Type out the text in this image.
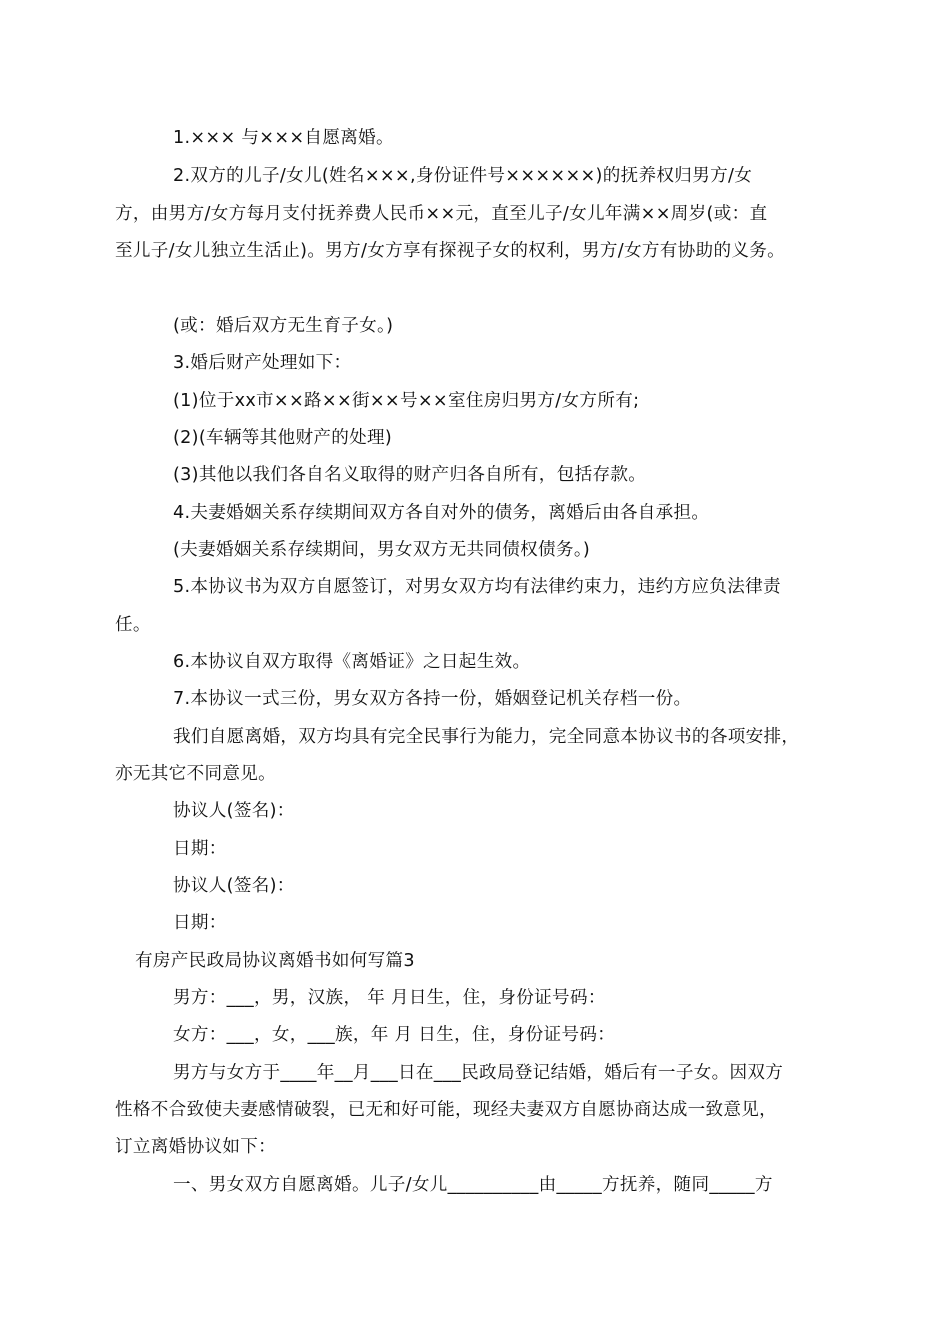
1.××× 与×××自愿离婚。
2.双方的儿子/女儿(姓名×××,身份证件号××××××)的抚养权归男方/女
方，由男方/女方每月支付抚养费人民币××元，直至儿子/女儿年满××周岁(或：直
至儿子/女儿独立生活止)。男方/女方享有探视子女的权利，男方/女方有协助的义务。
(或：婚后双方无生育子女。)
3.婚后财产处理如下：
(1)位于xx市××路××街××号××室住房归男方/女方所有;
(2)(车辆等其他财产的处理)
(3)其他以我们各自名义取得的财产归各自所有，包括存款。
4.夫妻婚姻关系存续期间双方各自对外的债务，离婚后由各自承担。
(夫妻婚姻关系存续期间，男女双方无共同债权债务。)
5.本协议书为双方自愿签订，对男女双方均有法律约束力，违约方应负法律责
任。
6.本协议自双方取得《离婚证》之日起生效。
7.本协议一式三份，男女双方各持一份，婚姻登记机关存档一份。
我们自愿离婚，双方均具有完全民事行为能力，完全同意本协议书的各项安排，
亦无其它不同意见。
协议人(签名)：
日期：
协议人(签名)：
日期：
有房产民政局协议离婚书如何写篇3
男方：___，男，汉族， 年 月日生，住，身份证号码：
女方：___，女，___族，年 月 日生，住，身份证号码：
男方与女方于____年__月___日在___民政局登记结婚，婚后有一子女。因双方
性格不合致使夫妻感情破裂，已无和好可能，现经夫妻双方自愿协商达成一致意见，
订立离婚协议如下：
一、男女双方自愿离婚。儿子/女儿__________由_____方抚养，随同_____方
